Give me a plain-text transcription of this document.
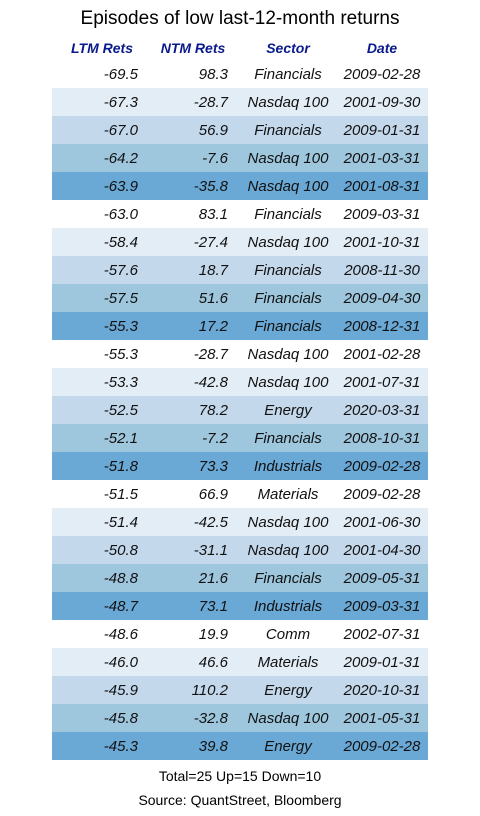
Episodes of low last-12-month returns
LTM Rets	NTM Rets	Sector	Date
-69.5	98.3	Financials	2009-02-28
-67.3	-28.7	Nasdaq 100	2001-09-30
-67.0	56.9	Financials	2009-01-31
-64.2	-7.6	Nasdaq 100	2001-03-31
-63.9	-35.8	Nasdaq 100	2001-08-31
-63.0	83.1	Financials	2009-03-31
-58.4	-27.4	Nasdaq 100	2001-10-31
-57.6	18.7	Financials	2008-11-30
-57.5	51.6	Financials	2009-04-30
-55.3	17.2	Financials	2008-12-31
-55.3	-28.7	Nasdaq 100	2001-02-28
-53.3	-42.8	Nasdaq 100	2001-07-31
-52.5	78.2	Energy	2020-03-31
-52.1	-7.2	Financials	2008-10-31
-51.8	73.3	Industrials	2009-02-28
-51.5	66.9	Materials	2009-02-28
-51.4	-42.5	Nasdaq 100	2001-06-30
-50.8	-31.1	Nasdaq 100	2001-04-30
-48.8	21.6	Financials	2009-05-31
-48.7	73.1	Industrials	2009-03-31
-48.6	19.9	Comm	2002-07-31
-46.0	46.6	Materials	2009-01-31
-45.9	110.2	Energy	2020-10-31
-45.8	-32.8	Nasdaq 100	2001-05-31
-45.3	39.8	Energy	2009-02-28
Total=25 Up=15 Down=10
Source: QuantStreet, Bloomberg
